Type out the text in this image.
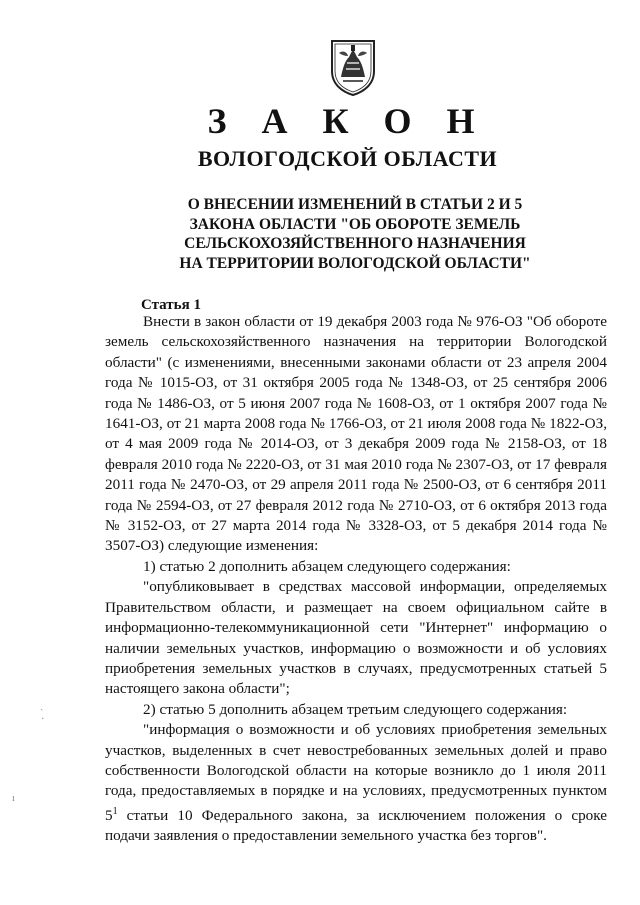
З А К О Н
ВОЛОГОДСКОЙ ОБЛАСТИ
О ВНЕСЕНИИ ИЗМЕНЕНИЙ В СТАТЬИ 2 И 5
ЗАКОНА ОБЛАСТИ "ОБ ОБОРОТЕ ЗЕМЕЛЬ
СЕЛЬСКОХОЗЯЙСТВЕННОГО НАЗНАЧЕНИЯ
НА ТЕРРИТОРИИ ВОЛОГОДСКОЙ ОБЛАСТИ"
Статья 1

Внести в закон области от 19 декабря 2003 года № 976-ОЗ "Об обороте земель сельскохозяйственного назначения на территории Вологодской области" (с изменениями, внесенными законами области от 23 апреля 2004 года № 1015-ОЗ, от 31 октября 2005 года № 1348-ОЗ, от 25 сентября 2006 года № 1486-ОЗ, от 5 июня 2007 года № 1608-ОЗ, от 1 октября 2007 года № 1641-ОЗ, от 21 марта 2008 года № 1766-ОЗ, от 21 июля 2008 года № 1822-ОЗ, от 4 мая 2009 года № 2014-ОЗ, от 3 декабря 2009 года № 2158-ОЗ, от 18 февраля 2010 года № 2220-ОЗ, от 31 мая 2010 года № 2307-ОЗ, от 17 февраля 2011 года № 2470-ОЗ, от 29 апреля 2011 года № 2500-ОЗ, от 6 сентября 2011 года № 2594-ОЗ, от 27 февраля 2012 года № 2710-ОЗ, от 6 октября 2013 года № 3152-ОЗ, от 27 марта 2014 года № 3328-ОЗ, от 5 декабря 2014 года № 3507-ОЗ) следующие изменения:

1) статью 2 дополнить абзацем следующего содержания:

"опубликовывает в средствах массовой информации, определяемых Правительством области, и размещает на своем официальном сайте в информационно-телекоммуникационной сети "Интернет" информацию о наличии земельных участков, информацию о возможности и об условиях приобретения земельных участков в случаях, предусмотренных статьей 5 настоящего закона области";

2) статью 5 дополнить абзацем третьим следующего содержания:

"информация о возможности и об условиях приобретения земельных участков, выделенных в счет невостребованных земельных долей и право собственности Вологодской области на которые возникло до 1 июля 2011 года, предоставляемых в порядке и на условиях, предусмотренных пунктом $5^1$ статьи 10 Федерального закона, за исключением положения о сроке подачи заявления о предоставлении земельного участка без торгов".

ˏ
·
ı
